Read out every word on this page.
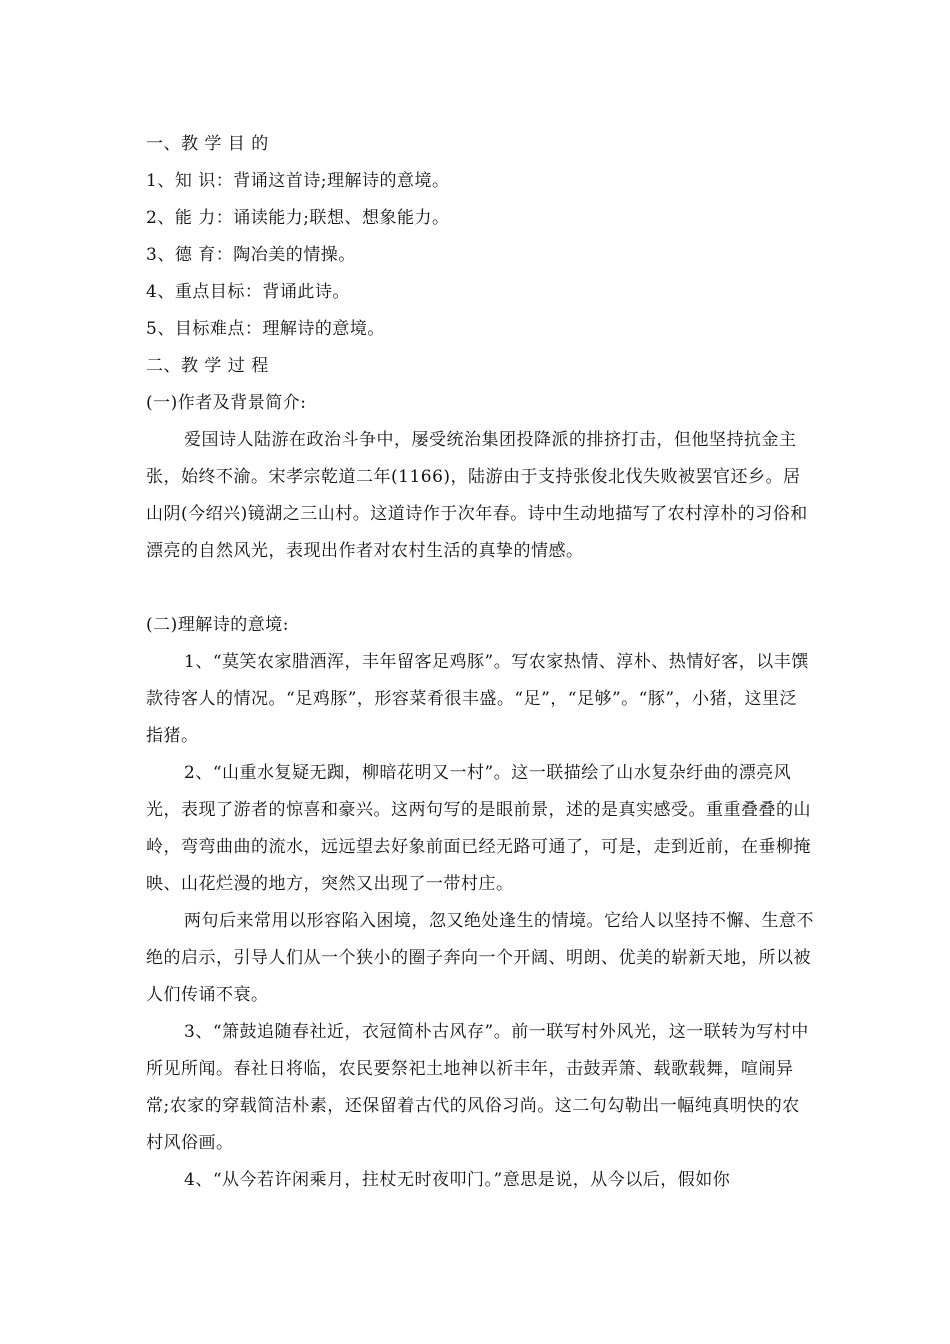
一、教 学 目 的

1、知 识：背诵这首诗;理解诗的意境。

2、能 力：诵读能力;联想、想象能力。

3、德 育：陶冶美的情操。

4、重点目标：背诵此诗。

5、目标难点：理解诗的意境。

二、教 学 过 程

(一)作者及背景简介:

爱国诗人陆游在政治斗争中，屡受统治集团投降派的排挤打击，但他坚持抗金主张，始终不渝。宋孝宗乾道二年(1166)，陆游由于支持张俊北伐失败被罢官还乡。居山阴(今绍兴)镜湖之三山村。这道诗作于次年春。诗中生动地描写了农村淳朴的习俗和漂亮的自然风光，表现出作者对农村生活的真挚的情感。

(二)理解诗的意境:

1、“莫笑农家腊酒浑，丰年留客足鸡豚”。写农家热情、淳朴、热情好客，以丰馔款待客人的情况。“足鸡豚”，形容菜肴很丰盛。“足”，“足够”。“豚”，小猪，这里泛指猪。

2、“山重水复疑无踟，柳暗花明又一村”。这一联描绘了山水复杂纡曲的漂亮风光，表现了游者的惊喜和豪兴。这两句写的是眼前景，述的是真实感受。重重叠叠的山岭，弯弯曲曲的流水，远远望去好象前面已经无路可通了，可是，走到近前，在垂柳掩映、山花烂漫的地方，突然又出现了一带村庄。

两句后来常用以形容陷入困境，忽又绝处逢生的情境。它给人以坚持不懈、生意不绝的启示，引导人们从一个狭小的圈子奔向一个开阔、明朗、优美的崭新天地，所以被人们传诵不衰。

3、“箫鼓追随春社近，衣冠简朴古风存”。前一联写村外风光，这一联转为写村中所见所闻。春社日将临，农民要祭祀土地神以祈丰年，击鼓弄箫、载歌载舞，喧闹异常;农家的穿载简洁朴素，还保留着古代的风俗习尚。这二句勾勒出一幅纯真明快的农村风俗画。

4、“从今若许闲乘月，拄杖无时夜叩门。”意思是说，从今以后，假如你
